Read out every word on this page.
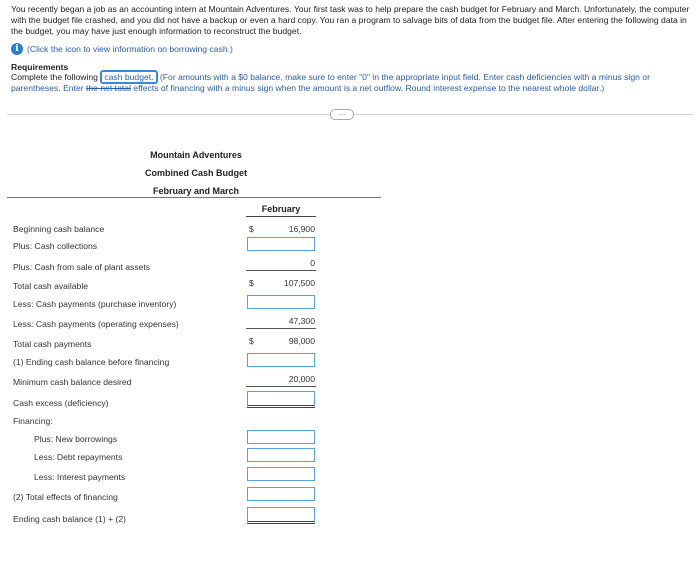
You recently began a job as an accounting intern at Mountain Adventures. Your first task was to help prepare the cash budget for February and March. Unfortunately, the computer with the budget file crashed, and you did not have a backup or even a hard copy. You ran a program to salvage bits of data from the budget file. After entering the following data in the budget, you may have just enough information to reconstruct the budget.
i (Click the icon to view information on borrowing cash.)
Requirements
Complete the following cash budget. (For amounts with a $0 balance, make sure to enter "0" in the appropriate input field. Enter cash deficiencies with a minus sign or parentheses. Enter the net total effects of financing with a minus sign when the amount is a net outflow. Round interest expense to the nearest whole dollar.)
....
Mountain Adventures
Combined Cash Budget
February and March
February
Beginning cash balance
Plus: Cash collections
Plus: Cash from sale of plant assets
Total cash available
Less: Cash payments (purchase inventory)
Less: Cash payments (operating expenses)
Total cash payments
(1) Ending cash balance before financing
Minimum cash balance desired
Cash excess (deficiency)
Financing:
Plus: New borrowings
Less: Debt repayments
Less: Interest payments
(2) Total effects of financing
Ending cash balance (1) + (2)
$
$
$
16,900
0
107,500
47,300
98,000
20,000
